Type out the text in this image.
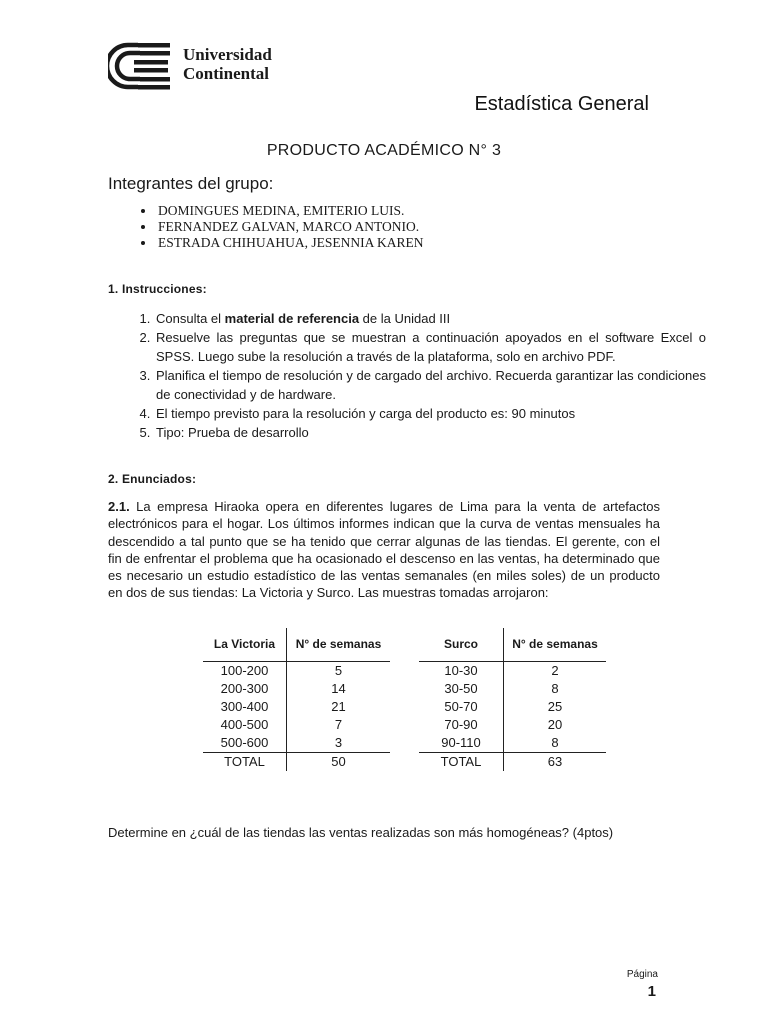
Universidad
Continental
Estadística General
PRODUCTO ACADÉMICO N° 3
Integrantes del grupo:
• DOMINGUES MEDINA, EMITERIO LUIS.
• FERNANDEZ GALVAN, MARCO ANTONIO.
• ESTRADA CHIHUAHUA, JESENNIA KAREN
1. Instrucciones:
1. Consulta el material de referencia de la Unidad III
2. Resuelve las preguntas que se muestran a continuación apoyados en el software Excel o SPSS. Luego sube la resolución a través de la plataforma, solo en archivo PDF.
3. Planifica el tiempo de resolución y de cargado del archivo. Recuerda garantizar las condiciones de conectividad y de hardware.
4. El tiempo previsto para la resolución y carga del producto es: 90 minutos
5. Tipo: Prueba de desarrollo
2. Enunciados:
2.1. La empresa Hiraoka opera en diferentes lugares de Lima para la venta de artefactos electrónicos para el hogar. Los últimos informes indican que la curva de ventas mensuales ha descendido a tal punto que se ha tenido que cerrar algunas de las tiendas. El gerente, con el fin de enfrentar el problema que ha ocasionado el descenso en las ventas, ha determinado que es necesario un estudio estadístico de las ventas semanales (en miles soles) de un producto en dos de sus tiendas: La Victoria y Surco. Las muestras tomadas arrojaron:
La Victoria	N° de semanas
100-200	5
200-300	14
300-400	21
400-500	7
500-600	3
TOTAL	50
Surco	N° de semanas
10-30	2
30-50	8
50-70	25
70-90	20
90-110	8
TOTAL	63
Determine en ¿cuál de las tiendas las ventas realizadas son más homogéneas? (4ptos)
Página
1
